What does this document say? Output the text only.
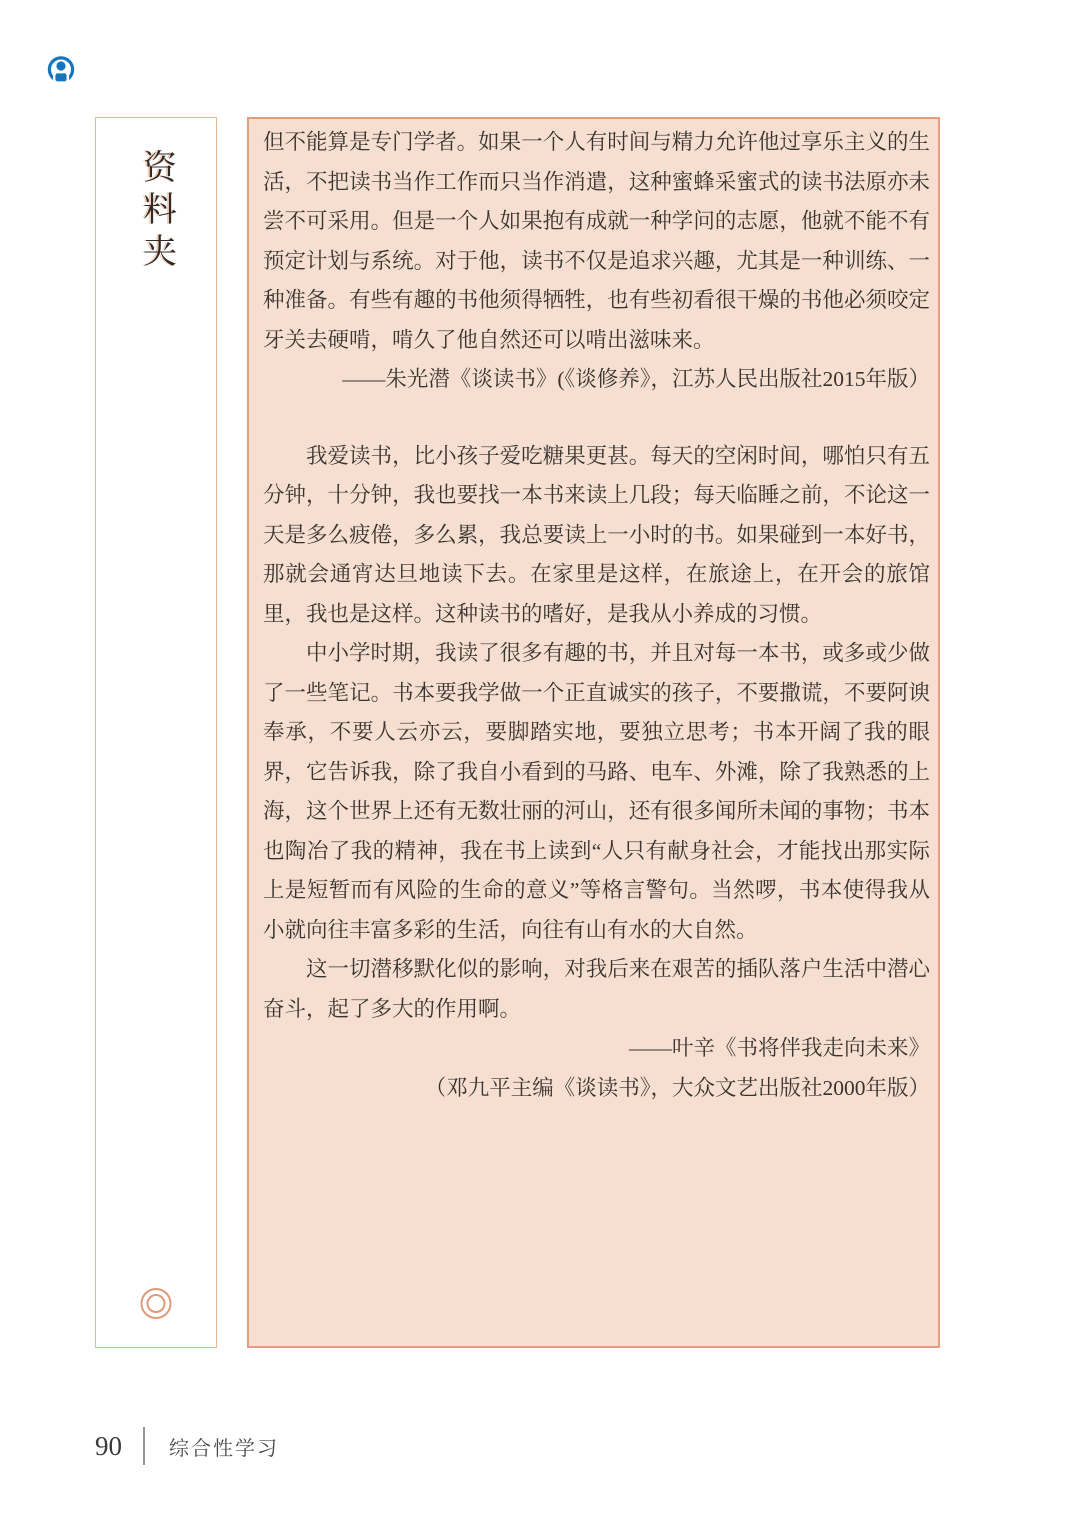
资料夹

但不能算是专门学者。如果一个人有时间与精力允许他过享乐主义的生活，不把读书当作工作而只当作消遣，这种蜜蜂采蜜式的读书法原亦未尝不可采用。但是一个人如果抱有成就一种学问的志愿，他就不能不有预定计划与系统。对于他，读书不仅是追求兴趣，尤其是一种训练、一种准备。有些有趣的书他须得牺牲，也有些初看很干燥的书他必须咬定牙关去硬啃，啃久了他自然还可以啃出滋味来。

——朱光潜《谈读书》(《谈修养》，江苏人民出版社2015年版）

我爱读书，比小孩子爱吃糖果更甚。每天的空闲时间，哪怕只有五分钟，十分钟，我也要找一本书来读上几段；每天临睡之前，不论这一天是多么疲倦，多么累，我总要读上一小时的书。如果碰到一本好书，那就会通宵达旦地读下去。在家里是这样，在旅途上，在开会的旅馆里，我也是这样。这种读书的嗜好，是我从小养成的习惯。

中小学时期，我读了很多有趣的书，并且对每一本书，或多或少做了一些笔记。书本要我学做一个正直诚实的孩子，不要撒谎，不要阿谀奉承，不要人云亦云，要脚踏实地，要独立思考；书本开阔了我的眼界，它告诉我，除了我自小看到的马路、电车、外滩，除了我熟悉的上海，这个世界上还有无数壮丽的河山，还有很多闻所未闻的事物；书本也陶冶了我的精神，我在书上读到“人只有献身社会，才能找出那实际上是短暂而有风险的生命的意义”等格言警句。当然啰，书本使得我从小就向往丰富多彩的生活，向往有山有水的大自然。

这一切潜移默化似的影响，对我后来在艰苦的插队落户生活中潜心奋斗，起了多大的作用啊。

——叶辛《书将伴我走向未来》

（邓九平主编《谈读书》，大众文艺出版社2000年版）

90 综合性学习
